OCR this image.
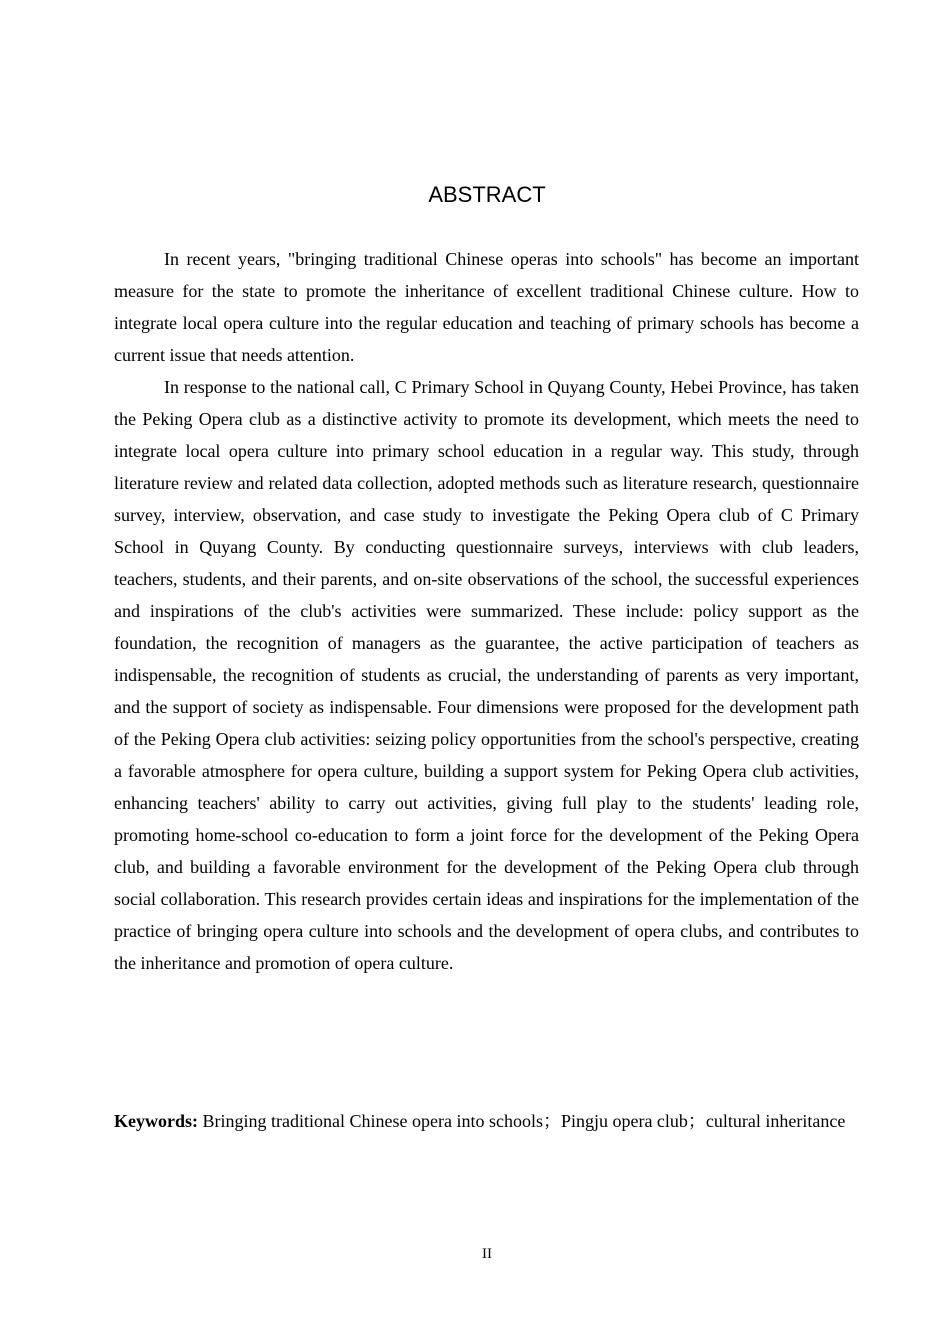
ABSTRACT

In recent years, "bringing traditional Chinese operas into schools" has become an important measure for the state to promote the inheritance of excellent traditional Chinese culture. How to integrate local opera culture into the regular education and teaching of primary schools has become a current issue that needs attention.

In response to the national call, C Primary School in Quyang County, Hebei Province, has taken the Peking Opera club as a distinctive activity to promote its development, which meets the need to integrate local opera culture into primary school education in a regular way. This study, through literature review and related data collection, adopted methods such as literature research, questionnaire survey, interview, observation, and case study to investigate the Peking Opera club of C Primary School in Quyang County. By conducting questionnaire surveys, interviews with club leaders, teachers, students, and their parents, and on-site observations of the school, the successful experiences and inspirations of the club's activities were summarized. These include: policy support as the foundation, the recognition of managers as the guarantee, the active participation of teachers as indispensable, the recognition of students as crucial, the understanding of parents as very important, and the support of society as indispensable. Four dimensions were proposed for the development path of the Peking Opera club activities: seizing policy opportunities from the school's perspective, creating a favorable atmosphere for opera culture, building a support system for Peking Opera club activities, enhancing teachers' ability to carry out activities, giving full play to the students' leading role, promoting home-school co-education to form a joint force for the development of the Peking Opera club, and building a favorable environment for the development of the Peking Opera club through social collaboration. This research provides certain ideas and inspirations for the implementation of the practice of bringing opera culture into schools and the development of opera clubs, and contributes to the inheritance and promotion of opera culture.

Keywords: Bringing traditional Chinese opera into schools；Pingju opera club；cultural inheritance

II
